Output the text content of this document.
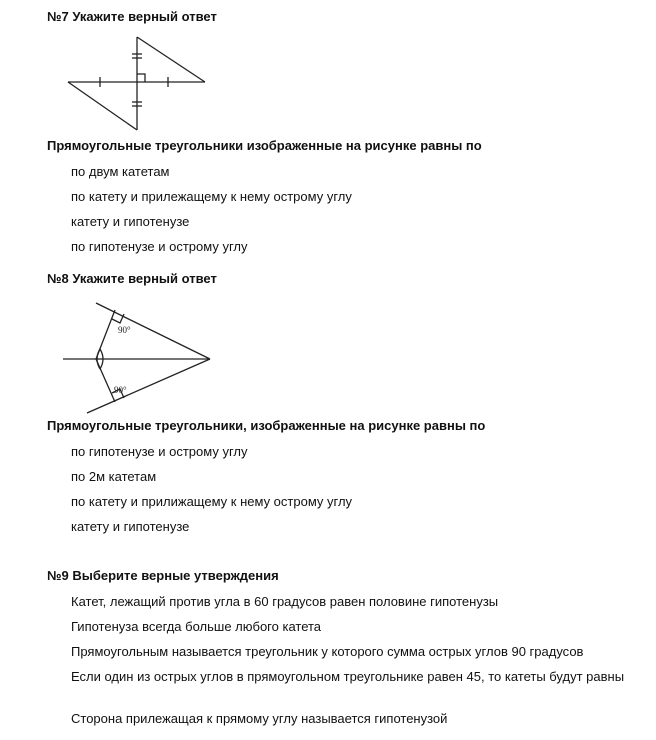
№7 Укажите верный ответ
Прямоугольные треугольники изображенные на рисунке равны по
по двум катетам
по катету и прилежащему к нему острому углу
катету и гипотенузе
по гипотенузе и острому углу
№8 Укажите верный ответ
90°
90°
Прямоугольные треугольники, изображенные на рисунке равны по
по гипотенузе и острому углу
по 2м катетам
по катету и прилижащему к нему острому углу
катету и гипотенузе
№9 Выберите верные утверждения
Катет, лежащий против угла в 60 градусов равен половине гипотенузы
Гипотенуза всегда больше любого катета
Прямоугольным называется треугольник у которого сумма острых углов 90 градусов
Если один из острых углов в прямоугольном треугольнике равен 45, то катеты будут равны
Сторона прилежащая к прямому углу называется гипотенузой
